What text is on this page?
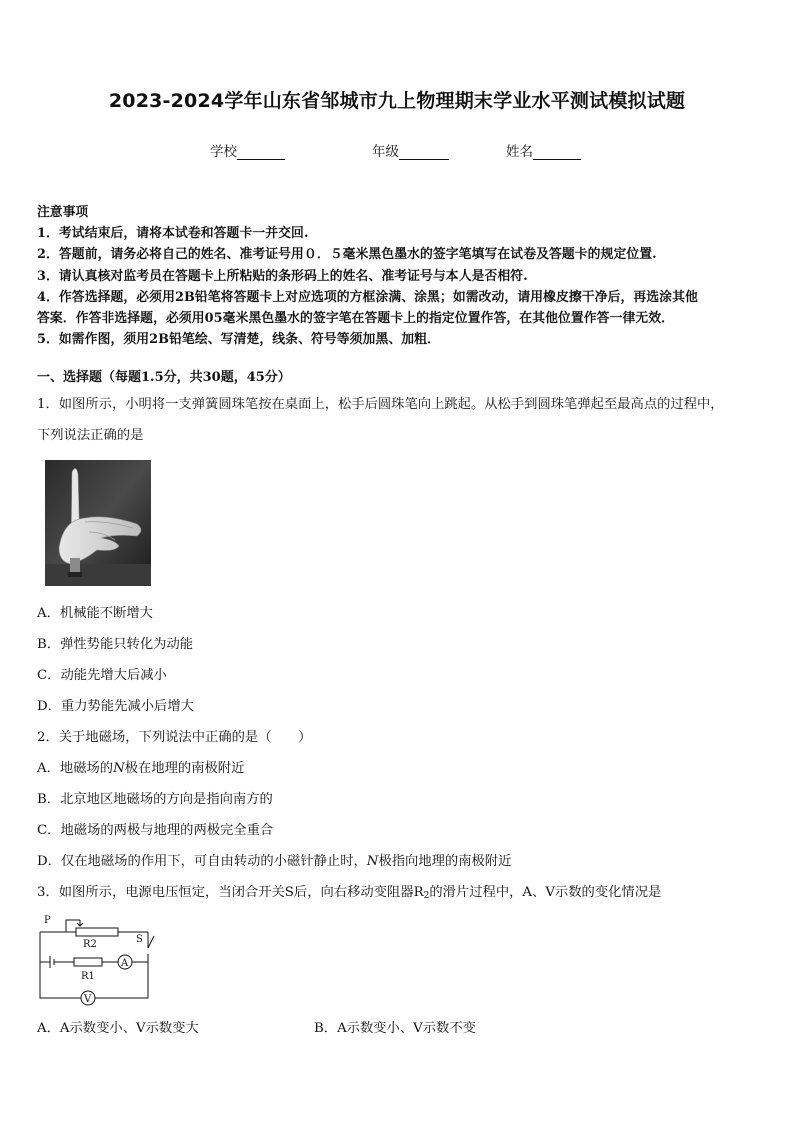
2023-2024学年山东省邹城市九上物理期末学业水平测试模拟试题
学校	年级	姓名
注意事项
1．考试结束后，请将本试卷和答题卡一并交回.
2．答题前，请务必将自己的姓名、准考证号用０．５毫米黑色墨水的签字笔填写在试卷及答题卡的规定位置.
3．请认真核对监考员在答题卡上所粘贴的条形码上的姓名、准考证号与本人是否相符.
4．作答选择题，必须用2B铅笔将答题卡上对应选项的方框涂满、涂黑；如需改动，请用橡皮擦干净后，再选涂其他
答案．作答非选择题，必须用05毫米黑色墨水的签字笔在答题卡上的指定位置作答，在其他位置作答一律无效．
5．如需作图，须用2B铅笔绘、写清楚，线条、符号等须加黑、加粗．
一、选择题（每题1.5分，共30题，45分）
1．如图所示，小明将一支弹簧圆珠笔按在桌面上，松手后圆珠笔向上跳起。从松手到圆珠笔弹起至最高点的过程中，
下列说法正确的是
A．机械能不断增大
B．弹性势能只转化为动能
C．动能先增大后减小
D．重力势能先减小后增大
2．关于地磁场，下列说法中正确的是（　　）
A．地磁场的N极在地理的南极附近
B．北京地区地磁场的方向是指向南方的
C．地磁场的两极与地理的两极完全重合
D．仅在地磁场的作用下，可自由转动的小磁针静止时，N极指向地理的南极附近
3．如图所示，电源电压恒定，当闭合开关S后，向右移动变阻器$R_2$的滑片过程中，A、V示数的变化情况是
P
R2
R1
S
A
V
A．A示数变小、V示数变大	B．A示数变小、V示数不变
